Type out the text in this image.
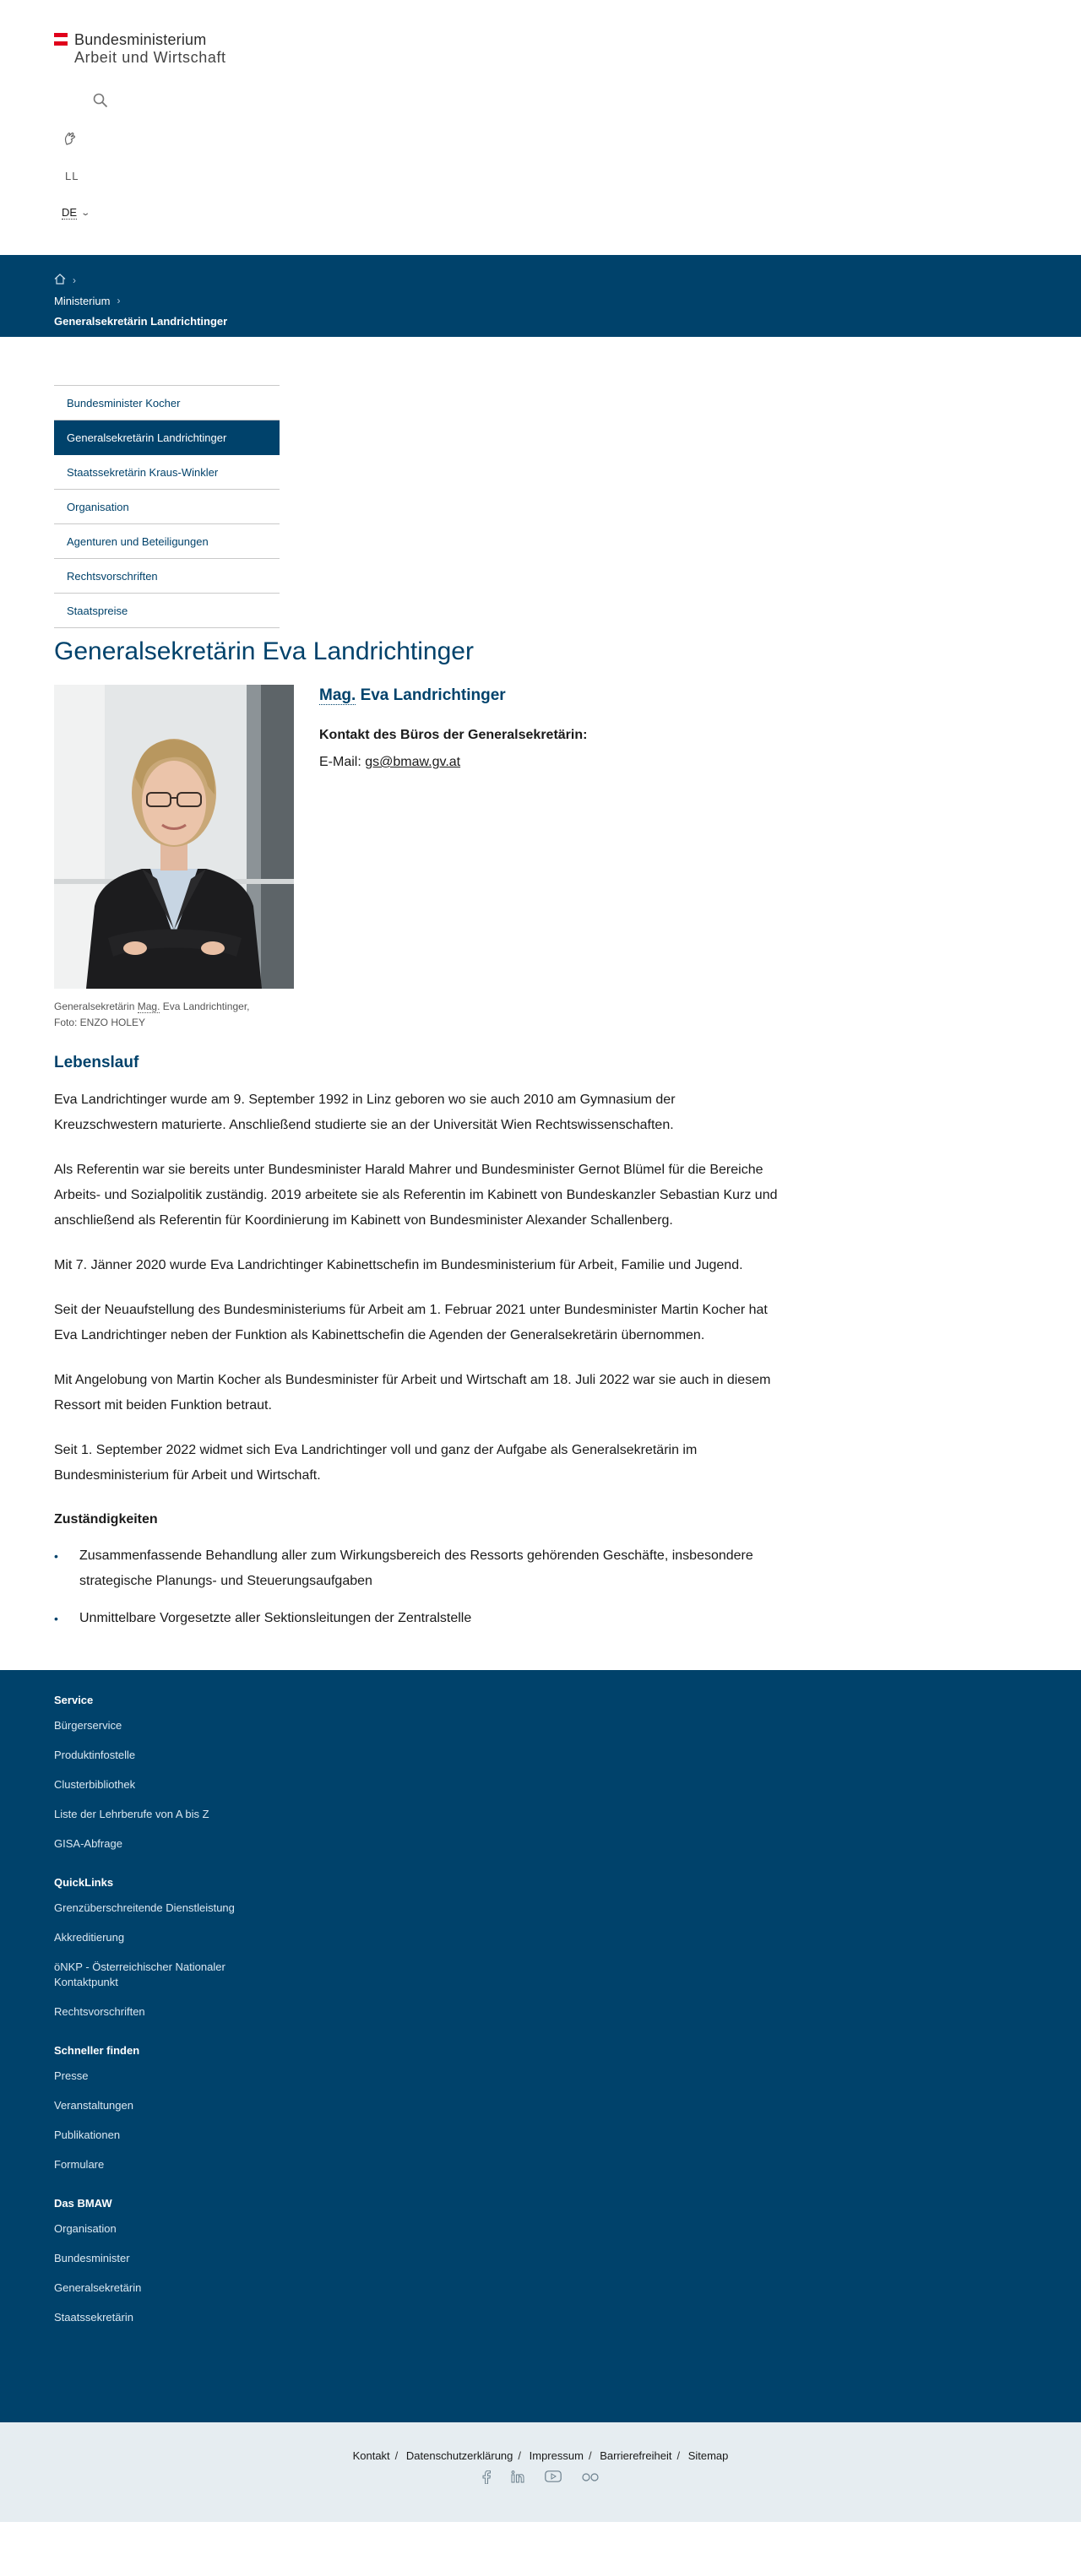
Bundesministerium
Arbeit und Wirtschaft
LL
DE ⌄
›
Ministerium ›
Generalsekretärin Landrichtinger
Bundesminister Kocher
Generalsekretärin Landrichtinger
Staatssekretärin Kraus-Winkler
Organisation
Agenturen und Beteiligungen
Rechtsvorschriften
Staatspreise
Generalsekretärin Eva Landrichtinger
Mag. Eva Landrichtinger
Kontakt des Büros der Generalsekretärin:
E-Mail: gs@bmaw.gv.at
Generalsekretärin Mag. Eva Landrichtinger,
Foto: ENZO HOLEY
Lebenslauf

Eva Landrichtinger wurde am 9. September 1992 in Linz geboren wo sie auch 2010 am Gymnasium der Kreuzschwestern maturierte. Anschließend studierte sie an der Universität Wien Rechtswissenschaften.

Als Referentin war sie bereits unter Bundesminister Harald Mahrer und Bundesminister Gernot Blümel für die Bereiche Arbeits- und Sozialpolitik zuständig. 2019 arbeitete sie als Referentin im Kabinett von Bundeskanzler Sebastian Kurz und anschließend als Referentin für Koordinierung im Kabinett von Bundesminister Alexander Schallenberg.

Mit 7. Jänner 2020 wurde Eva Landrichtinger Kabinettschefin im Bundesministerium für Arbeit, Familie und Jugend.

Seit der Neuaufstellung des Bundesministeriums für Arbeit am 1. Februar 2021 unter Bundesminister Martin Kocher hat Eva Landrichtinger neben der Funktion als Kabinettschefin die Agenden der Generalsekretärin übernommen.

Mit Angelobung von Martin Kocher als Bundesminister für Arbeit und Wirtschaft am 18. Juli 2022 war sie auch in diesem Ressort mit beiden Funktion betraut.

Seit 1. September 2022 widmet sich Eva Landrichtinger voll und ganz der Aufgabe als Generalsekretärin im Bundesministerium für Arbeit und Wirtschaft.

Zuständigkeiten
• Zusammenfassende Behandlung aller zum Wirkungsbereich des Ressorts gehörenden Geschäfte, insbesondere strategische Planungs- und Steuerungsaufgaben
• Unmittelbare Vorgesetzte aller Sektionsleitungen der Zentralstelle
Service
Bürgerservice
Produktinfostelle
Clusterbibliothek
Liste der Lehrberufe von A bis Z
GISA-Abfrage
QuickLinks
Grenzüberschreitende Dienstleistung
Akkreditierung
öNKP - Österreichischer Nationaler Kontaktpunkt
Rechtsvorschriften
Schneller finden
Presse
Veranstaltungen
Publikationen
Formulare
Das BMAW
Organisation
Bundesminister
Generalsekretärin
Staatssekretärin
Kontakt / Datenschutzerklärung / Impressum / Barrierefreiheit / Sitemap
